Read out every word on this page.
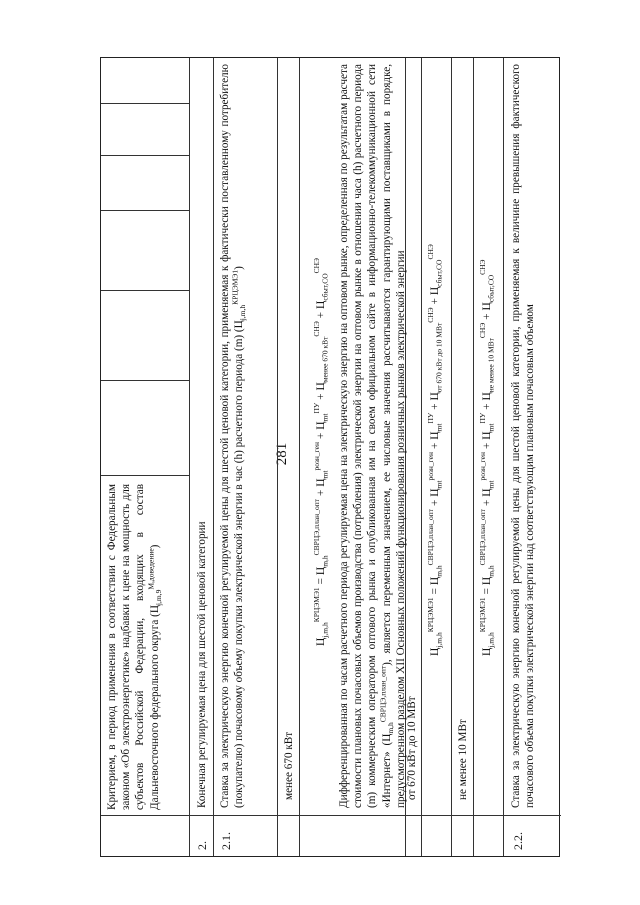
281
Критерием, в период применения в соответствии с Федеральным законом «Об электроэнергетике» надбавки к цене на мощность для субъектов Российской Федерации, входящих в состав Дальневосточного федерального округа $(Ц_{j,m,9}^{М,доведение})$
2.
Конечная регулируемая цена для шестой ценовой категории
2.1.
Ставка за электрическую энергию конечной регулируемой цены для шестой ценовой категории, применяемая к фактически поставленному потребителю (покупателю) почасовому объему покупки электрической энергии в час (h) расчетного периода (m) $(Ц_{j,m,h}^{КРЦЭМЭ1})$
менее 670 кВт
$Ц_{j,m,h}^{КРЦЭМЭ1} = Ц_{m,h}^{СВРЦЭ,план\_опт} + Ц_{mt}^{розн\_ген} + Ц_{mt}^{ПУ} + Ц_{менее 670 кВт}^{СНЭ} + Ц_{сбыт,СО}^{СНЭ}$	Дифференцированная по часам расчетного периода регулируемая цена на электрическую энергию на оптовом рынке, определенная по результатам расчета стоимости плановых почасовых объемов производства (потребления) электрической энергии на оптовом рынке в отношении часа (h) расчетного периода (m) коммерческим оператором оптового рынка и опубликованная им на своем официальном сайте в информационно-телекоммуникационной сети «Интернет» $(Ц_{m,h}^{СВРЦЭ,план\_опт})$, является переменным значением, ее числовые значения рассчитываются гарантирующими поставщиками в порядке, предусмотренном разделом XII Основных положений функционирования розничных рынков электрической энергии от 670 кВт до 10 МВт
$Ц_{j,m,h}^{КРЦЭМЭ1} = Ц_{m,h}^{СВРЦЭ,план\_опт} + Ц_{mt}^{розн\_ген} + Ц_{mt}^{ПУ} + Ц_{от 670 кВт до 10 МВт}^{СНЭ} + Ц_{сбыт,СО}^{СНЭ}$
не менее 10 МВт
$Ц_{j,m,h}^{КРЦЭМЭ1} = Ц_{m,h}^{СВРЦЭ,план\_опт} + Ц_{mt}^{розн\_ген} + Ц_{mt}^{ПУ} + Ц_{не менее 10 МВт}^{СНЭ} + Ц_{сбыт,СО}^{СНЭ}$
2.2.
Ставка за электрическую энергию конечной регулируемой цены для шестой ценовой категории, применяемая к величине превышения фактического почасового объема покупки электрической энергии над соответствующим плановым почасовым объемом
